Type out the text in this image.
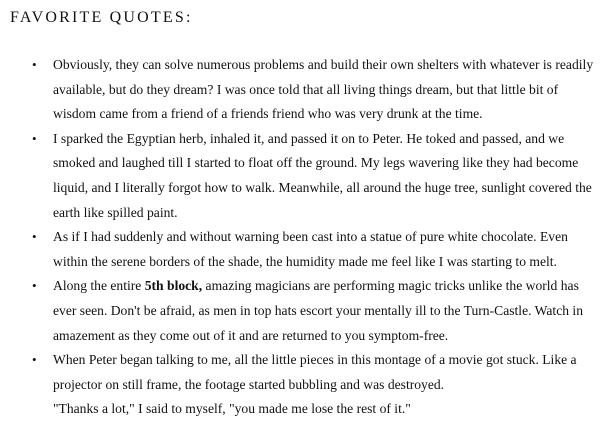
FAVORITE QUOTES:
• Obviously, they can solve numerous problems and build their own shelters with whatever is readily available, but do they dream? I was once told that all living things dream, but that little bit of wisdom came from a friend of a friends friend who was very drunk at the time.
• I sparked the Egyptian herb, inhaled it, and passed it on to Peter. He toked and passed, and we smoked and laughed till I started to float off the ground. My legs wavering like they had become liquid, and I literally forgot how to walk. Meanwhile, all around the huge tree, sunlight covered the earth like spilled paint.
• As if I had suddenly and without warning been cast into a statue of pure white chocolate. Even within the serene borders of the shade, the humidity made me feel like I was starting to melt.
• Along the entire 5th block, amazing magicians are performing magic tricks unlike the world has ever seen. Don't be afraid, as men in top hats escort your mentally ill to the Turn-Castle. Watch in amazement as they come out of it and are returned to you symptom-free.
• When Peter began talking to me, all the little pieces in this montage of a movie got stuck. Like a projector on still frame, the footage started bubbling and was destroyed.
"Thanks a lot," I said to myself, "you made me lose the rest of it."
